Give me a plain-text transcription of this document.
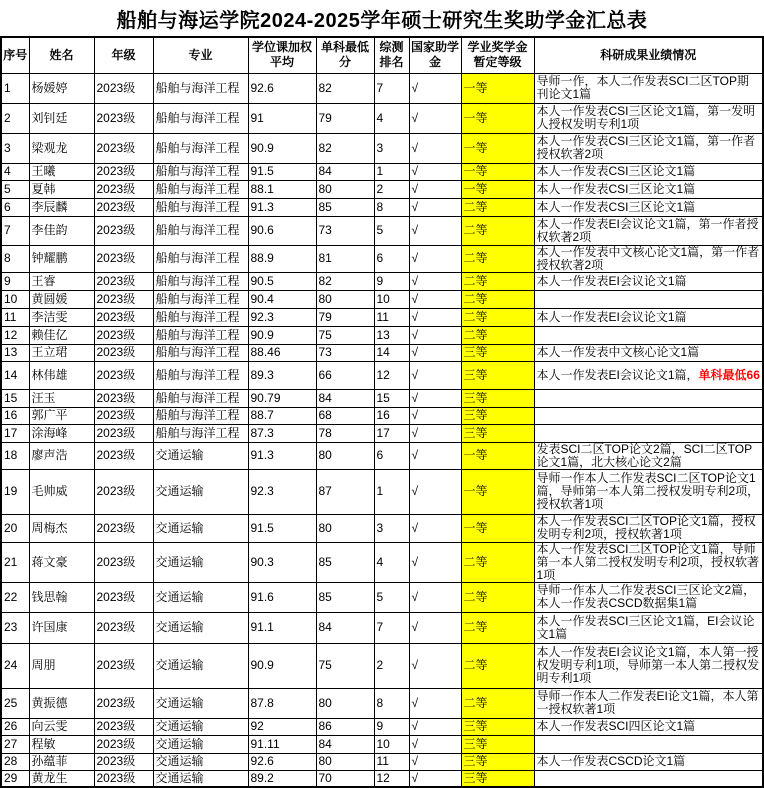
船舶与海运学院2024-2025学年硕士研究生奖助学金汇总表
序号	姓名	年级	专业	学位课加权平均	单科最低分	综测排名	国家助学金	学业奖学金暂定等级	科研成果业绩情况
1	杨媛婷	2023级	船舶与海洋工程	92.6	82	7	√	一等	导师一作，本人二作发表SCI二区TOP期刊论文1篇
2	刘钊廷	2023级	船舶与海洋工程	91	79	4	√	一等	本人一作发表CSI三区论文1篇，第一发明人授权发明专利1项
3	梁观龙	2023级	船舶与海洋工程	90.9	82	3	√	一等	本人一作发表CSI三区论文1篇，第一作者授权软著2项
4	王曦	2023级	船舶与海洋工程	91.5	84	1	√	一等	本人一作发表CSI三区论文1篇
5	夏韩	2023级	船舶与海洋工程	88.1	80	2	√	一等	本人一作发表CSI三区论文1篇
6	李辰麟	2023级	船舶与海洋工程	91.3	85	8	√	二等	本人一作发表CSI三区论文1篇
7	李佳韵	2023级	船舶与海洋工程	90.6	73	5	√	二等	本人一作发表EI会议论文1篇，第一作者授权软著2项
8	钟耀鹏	2023级	船舶与海洋工程	88.9	81	6	√	二等	本人一作发表中文核心论文1篇，第一作者授权软著2项
9	王睿	2023级	船舶与海洋工程	90.5	82	9	√	二等	本人一作发表EI会议论文1篇
10	黄圆媛	2023级	船舶与海洋工程	90.4	80	10	√	二等	
11	李洁雯	2023级	船舶与海洋工程	92.3	79	11	√	二等	本人一作发表EI会议论文1篇
12	赖佳亿	2023级	船舶与海洋工程	90.9	75	13	√	二等	
13	王立珺	2023级	船舶与海洋工程	88.46	73	14	√	三等	本人一作发表中文核心论文1篇
14	林伟雄	2023级	船舶与海洋工程	89.3	66	12	√	三等	本人一作发表EI会议论文1篇，单科最低66
15	汪玉	2023级	船舶与海洋工程	90.79	84	15	√	三等	
16	郭广平	2023级	船舶与海洋工程	88.7	68	16	√	三等	
17	涂海峰	2023级	船舶与海洋工程	87.3	78	17	√	三等	
18	廖声浩	2023级	交通运输	91.3	80	6	√	一等	发表SCI二区TOP论文2篇，SCI二区TOP论文1篇，北大核心论文2篇
19	毛帅威	2023级	交通运输	92.3	87	1	√	一等	导师一作本人二作发表SCI二区TOP论文1篇，导师第一本人第二授权发明专利2项，授权软著1项
20	周梅杰	2023级	交通运输	91.5	80	3	√	一等	本人一作发表SCI二区TOP论文1篇，授权发明专利2项，授权软著1项
21	蒋文豪	2023级	交通运输	90.3	85	4	√	二等	本人一作发表SCI二区TOP论文1篇，导师第一本人第二授权发明专利2项，授权软著1项
22	钱思翰	2023级	交通运输	91.6	85	5	√	二等	导师一作本人二作发表SCI三区论文2篇，本人一作发表CSCD数据集1篇
23	许国康	2023级	交通运输	91.1	84	7	√	二等	本人一作发表SCI三区论文1篇，EI会议论文1篇
24	周朋	2023级	交通运输	90.9	75	2	√	二等	本人一作发表EI会议论文1篇，本人第一授权发明专利1项，导师第一本人第二授权发明专利1项
25	黄振德	2023级	交通运输	87.8	80	8	√	二等	导师一作本人二作发表EI论文1篇，本人第一授权软著1项
26	向云雯	2023级	交通运输	92	86	9	√	三等	本人一作发表SCI四区论文1篇
27	程敏	2023级	交通运输	91.11	84	10	√	三等	
28	孙蕴菲	2023级	交通运输	92.6	80	11	√	三等	本人一作发表CSCD论文1篇
29	黄龙生	2023级	交通运输	89.2	70	12	√	三等	
